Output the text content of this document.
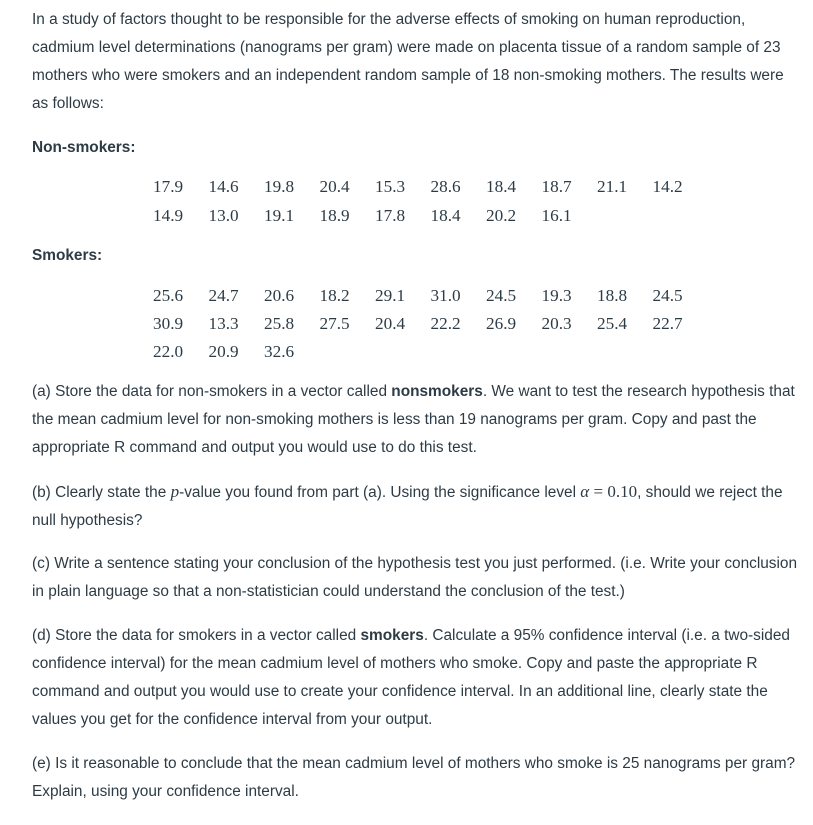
In a study of factors thought to be responsible for the adverse effects of smoking on human reproduction, cadmium level determinations (nanograms per gram) were made on placenta tissue of a random sample of 23 mothers who were smokers and an independent random sample of 18 non-smoking mothers. The results were as follows:

Non-smokers:

17.9 14.6 19.8 20.4 15.3 28.6 18.4 18.7 21.1 14.2
14.9 13.0 19.1 18.9 17.8 18.4 20.2 16.1

Smokers:

25.6 24.7 20.6 18.2 29.1 31.0 24.5 19.3 18.8 24.5
30.9 13.3 25.8 27.5 20.4 22.2 26.9 20.3 25.4 22.7
22.0 20.9 32.6

(a) Store the data for non-smokers in a vector called nonsmokers. We want to test the research hypothesis that the mean cadmium level for non-smoking mothers is less than 19 nanograms per gram. Copy and past the appropriate R command and output you would use to do this test.

(b) Clearly state the p-value you found from part (a). Using the significance level α = 0.10, should we reject the null hypothesis?

(c) Write a sentence stating your conclusion of the hypothesis test you just performed. (i.e. Write your conclusion in plain language so that a non-statistician could understand the conclusion of the test.)

(d) Store the data for smokers in a vector called smokers. Calculate a 95% confidence interval (i.e. a two-sided confidence interval) for the mean cadmium level of mothers who smoke. Copy and paste the appropriate R command and output you would use to create your confidence interval. In an additional line, clearly state the values you get for the confidence interval from your output.

(e) Is it reasonable to conclude that the mean cadmium level of mothers who smoke is 25 nanograms per gram? Explain, using your confidence interval.
